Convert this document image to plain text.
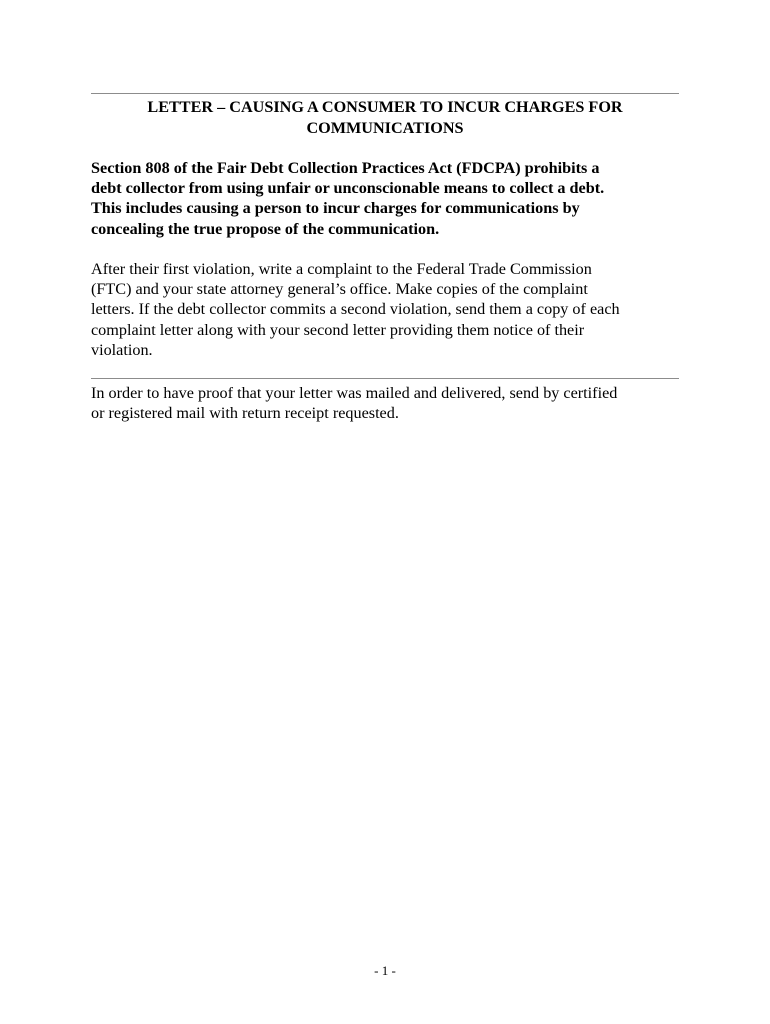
LETTER – CAUSING A CONSUMER TO INCUR CHARGES FOR
COMMUNICATIONS
Section 808 of the Fair Debt Collection Practices Act (FDCPA) prohibits a
debt collector from using unfair or unconscionable means to collect a debt.
This includes causing a person to incur charges for communications by
concealing the true propose of the communication.
After their first violation, write a complaint to the Federal Trade Commission
(FTC) and your state attorney general’s office. Make copies of the complaint
letters. If the debt collector commits a second violation, send them a copy of each
complaint letter along with your second letter providing them notice of their
violation.
In order to have proof that your letter was mailed and delivered, send by certified
or registered mail with return receipt requested.
- 1 -
